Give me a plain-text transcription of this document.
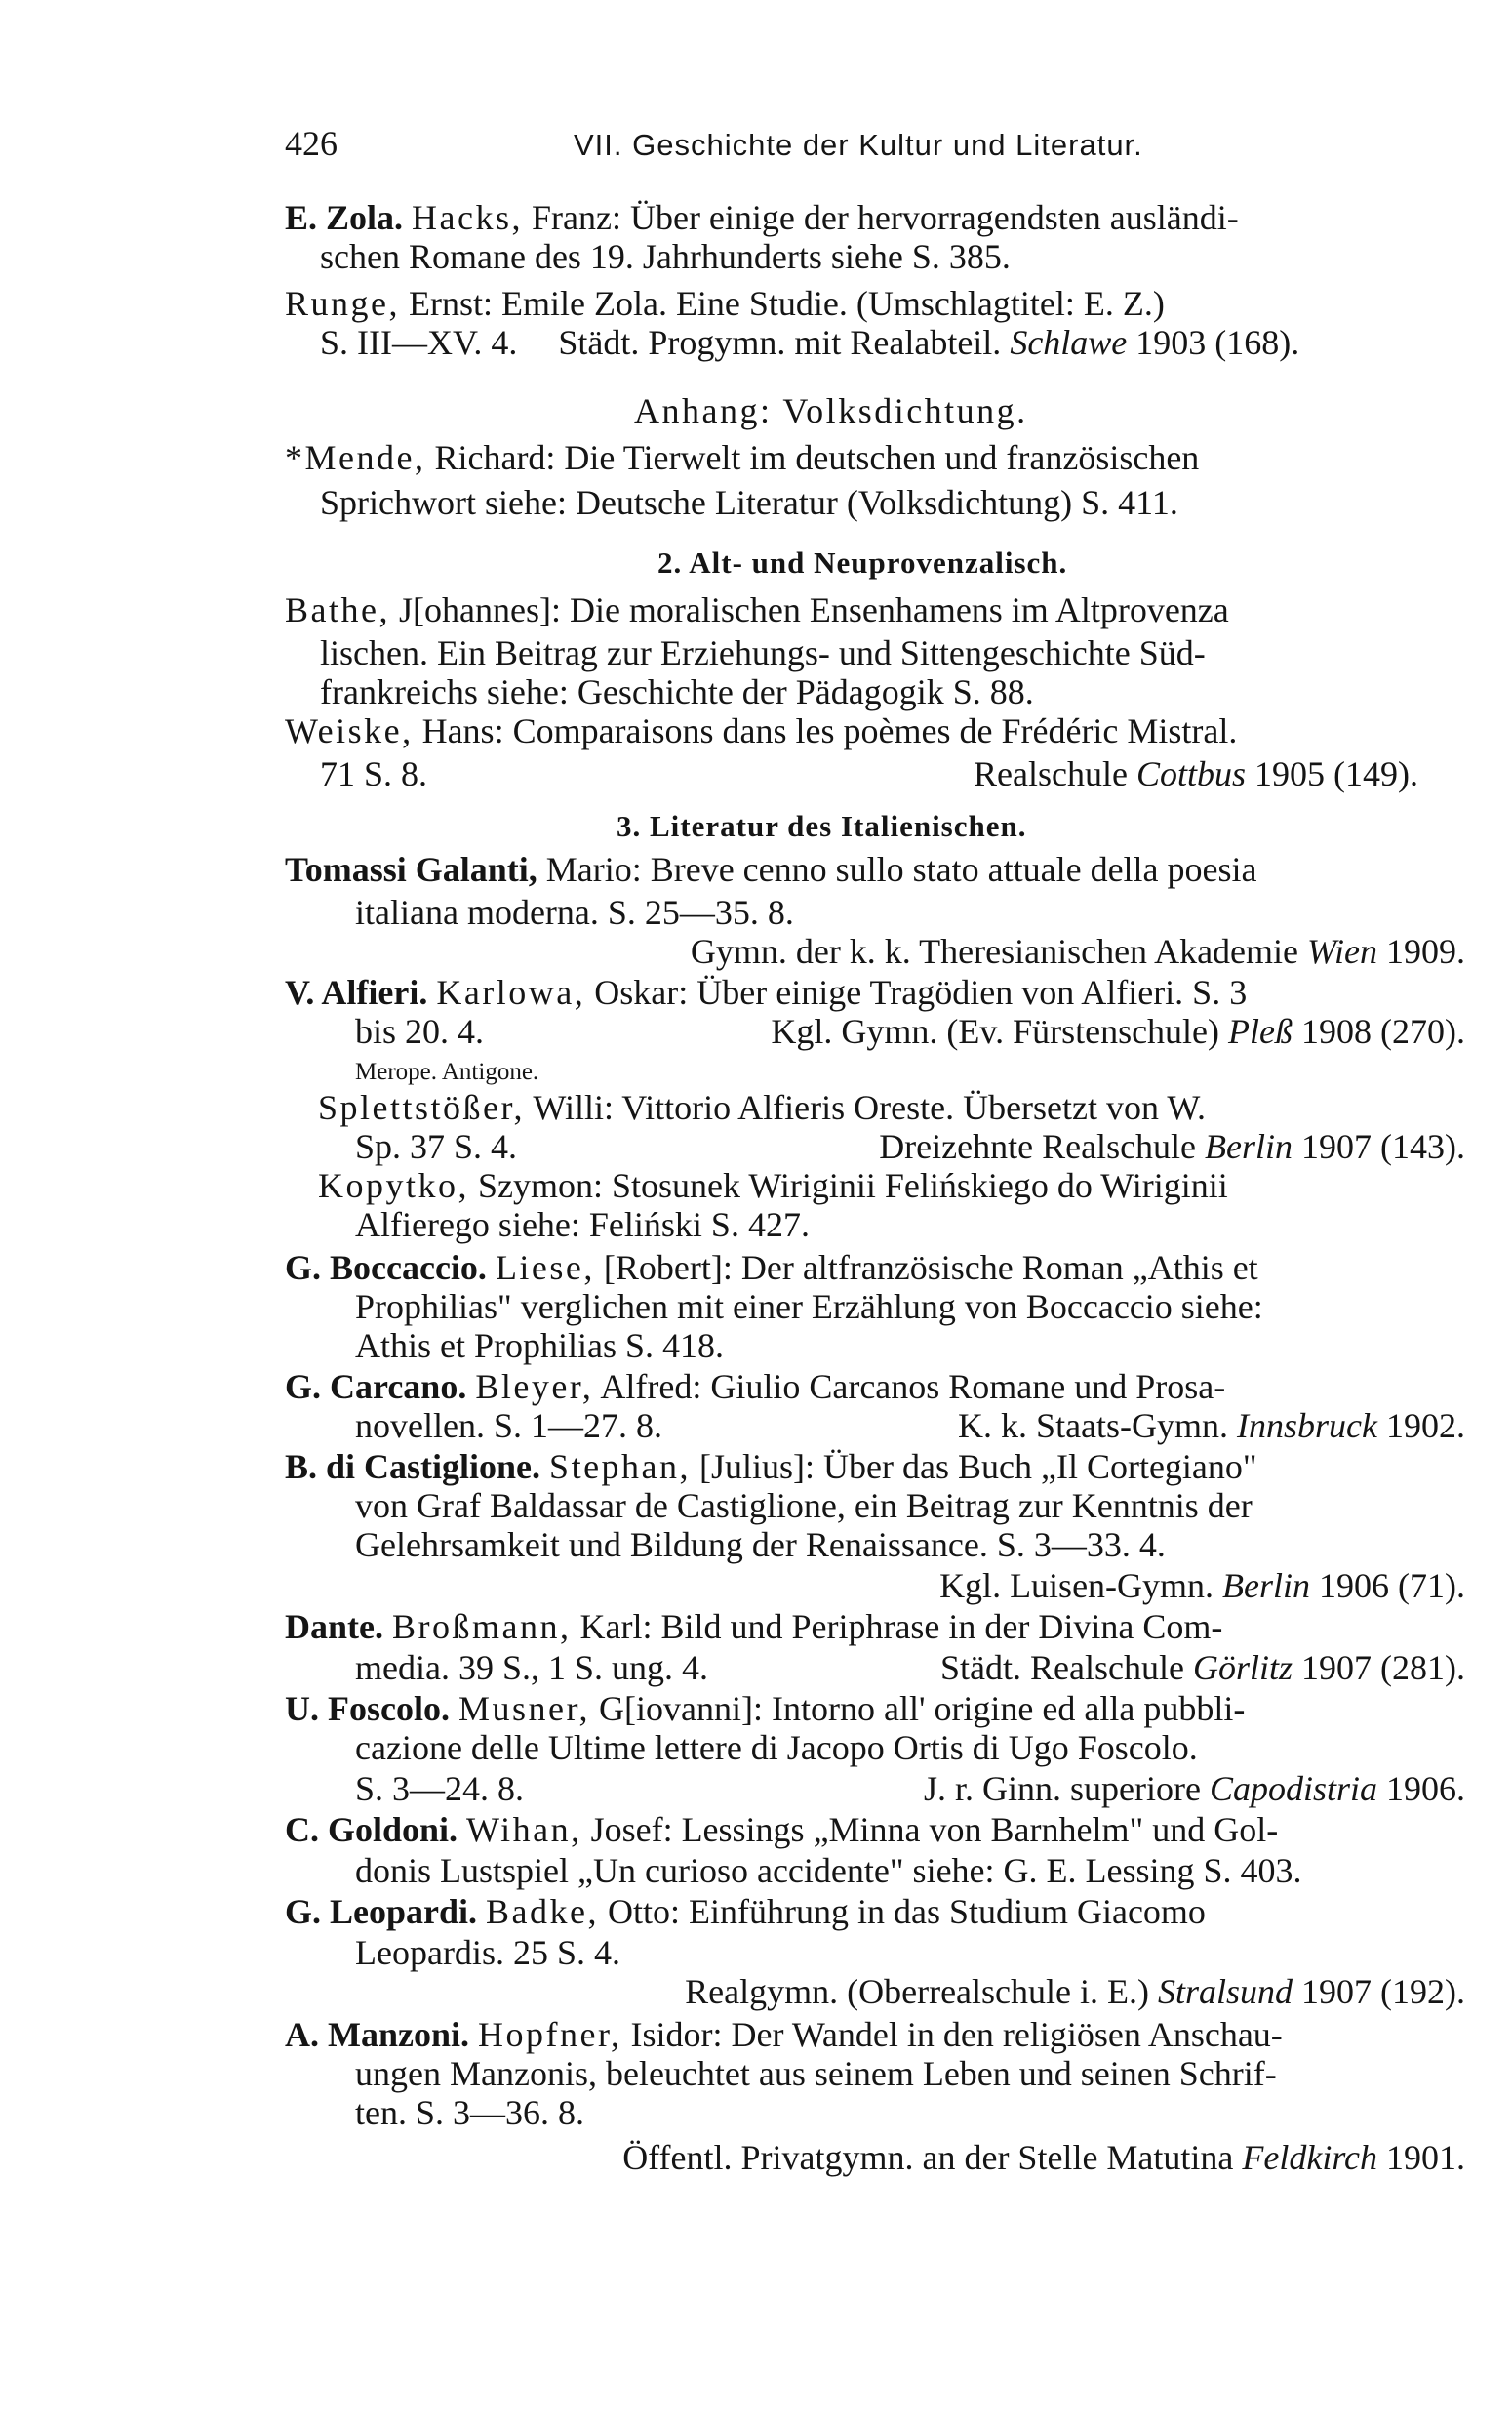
426	VII. Geschichte der Kultur und Literatur.
E. Zola. Hacks, Franz: Über einige der hervorragendsten ausländi-
schen Romane des 19. Jahrhunderts siehe S. 385.
Runge, Ernst: Emile Zola. Eine Studie. (Umschlagtitel: E. Z.)
S. III—XV. 4. Städt. Progymn. mit Realabteil. Schlawe 1903 (168).
Anhang: Volksdichtung.
*Mende, Richard: Die Tierwelt im deutschen und französischen
Sprichwort siehe: Deutsche Literatur (Volksdichtung) S. 411.
2. Alt- und Neuprovenzalisch.
Bathe, J[ohannes]: Die moralischen Ensenhamens im Altprovenza
lischen. Ein Beitrag zur Erziehungs- und Sittengeschichte Süd-
frankreichs siehe: Geschichte der Pädagogik S. 88.
Weiske, Hans: Comparaisons dans les poèmes de Frédéric Mistral.
71 S. 8.	Realschule Cottbus 1905 (149).
3. Literatur des Italienischen.
Tomassi Galanti, Mario: Breve cenno sullo stato attuale della poesia
italiana moderna. S. 25—35. 8.
Gymn. der k. k. Theresianischen Akademie Wien 1909.
V. Alfieri. Karlowa, Oskar: Über einige Tragödien von Alfieri. S. 3
bis 20. 4.	Kgl. Gymn. (Ev. Fürstenschule) Pleß 1908 (270).
Merope. Antigone.
Splettstößer, Willi: Vittorio Alfieris Oreste. Übersetzt von W.
Sp. 37 S. 4.	Dreizehnte Realschule Berlin 1907 (143).
Kopytko, Szymon: Stosunek Wiriginii Felińskiego do Wiriginii
Alfierego siehe: Feliński S. 427.
G. Boccaccio. Liese, [Robert]: Der altfranzösische Roman „Athis et
Prophilias" verglichen mit einer Erzählung von Boccaccio siehe:
Athis et Prophilias S. 418.
G. Carcano. Bleyer, Alfred: Giulio Carcanos Romane und Prosa-
novellen. S. 1—27. 8.	K. k. Staats-Gymn. Innsbruck 1902.
B. di Castiglione. Stephan, [Julius]: Über das Buch „Il Cortegiano"
von Graf Baldassar de Castiglione, ein Beitrag zur Kenntnis der
Gelehrsamkeit und Bildung der Renaissance. S. 3—33. 4.
Kgl. Luisen-Gymn. Berlin 1906 (71).
Dante. Broßmann, Karl: Bild und Periphrase in der Divina Com-
media. 39 S., 1 S. ung. 4.	Städt. Realschule Görlitz 1907 (281).
U. Foscolo. Musner, G[iovanni]: Intorno all' origine ed alla pubbli-
cazione delle Ultime lettere di Jacopo Ortis di Ugo Foscolo.
S. 3—24. 8.	J. r. Ginn. superiore Capodistria 1906.
C. Goldoni. Wihan, Josef: Lessings „Minna von Barnhelm" und Gol-
donis Lustspiel „Un curioso accidente" siehe: G. E. Lessing S. 403.
G. Leopardi. Badke, Otto: Einführung in das Studium Giacomo
Leopardis. 25 S. 4.
Realgymn. (Oberrealschule i. E.) Stralsund 1907 (192).
A. Manzoni. Hopfner, Isidor: Der Wandel in den religiösen Anschau-
ungen Manzonis, beleuchtet aus seinem Leben und seinen Schrif-
ten. S. 3—36. 8.
Öffentl. Privatgymn. an der Stelle Matutina Feldkirch 1901.
